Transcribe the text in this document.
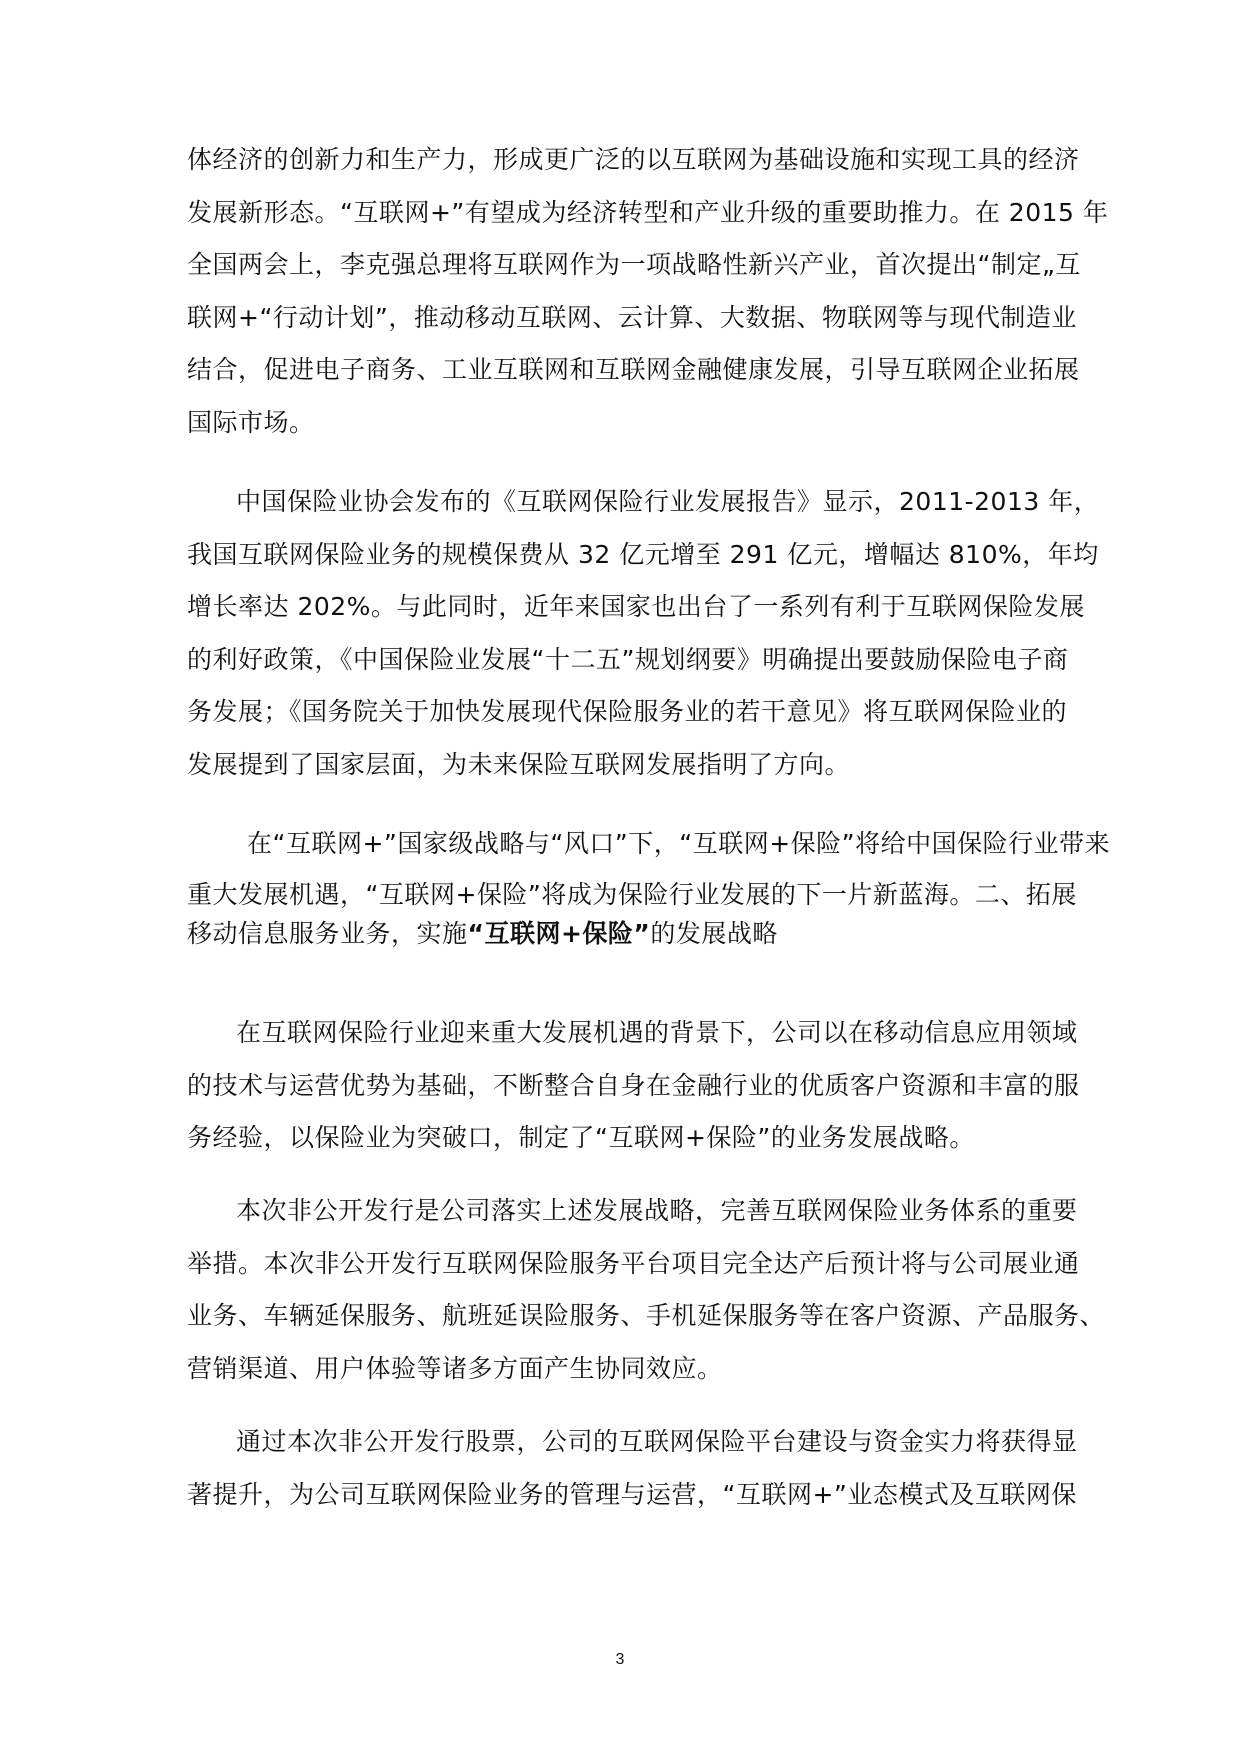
体经济的创新力和生产力，形成更广泛的以互联网为基础设施和实现工具的经济
发展新形态。“互联网+”有望成为经济转型和产业升级的重要助推力。在 2015 年
全国两会上，李克强总理将互联网作为一项战略性新兴产业，首次提出“制定„互
联网+“行动计划”，推动移动互联网、云计算、大数据、物联网等与现代制造业
结合，促进电子商务、工业互联网和互联网金融健康发展，引导互联网企业拓展
国际市场。
中国保险业协会发布的《互联网保险行业发展报告》显示，2011-2013 年，
我国互联网保险业务的规模保费从 32 亿元增至 291 亿元，增幅达 810%，年均
增长率达 202%。与此同时，近年来国家也出台了一系列有利于互联网保险发展
的利好政策，《中国保险业发展“十二五”规划纲要》明确提出要鼓励保险电子商
务发展；《国务院关于加快发展现代保险服务业的若干意见》将互联网保险业的
发展提到了国家层面，为未来保险互联网发展指明了方向。
在“互联网+”国家级战略与“风口”下，“互联网+保险”将给中国保险行业带来
重大发展机遇，“互联网+保险”将成为保险行业发展的下一片新蓝海。二、拓展
移动信息服务业务，实施“互联网+保险”的发展战略
在互联网保险行业迎来重大发展机遇的背景下，公司以在移动信息应用领域
的技术与运营优势为基础，不断整合自身在金融行业的优质客户资源和丰富的服
务经验，以保险业为突破口，制定了“互联网+保险”的业务发展战略。
本次非公开发行是公司落实上述发展战略，完善互联网保险业务体系的重要
举措。本次非公开发行互联网保险服务平台项目完全达产后预计将与公司展业通
业务、车辆延保服务、航班延误险服务、手机延保服务等在客户资源、产品服务、
营销渠道、用户体验等诸多方面产生协同效应。
通过本次非公开发行股票，公司的互联网保险平台建设与资金实力将获得显
著提升，为公司互联网保险业务的管理与运营，“互联网+”业态模式及互联网保
3
